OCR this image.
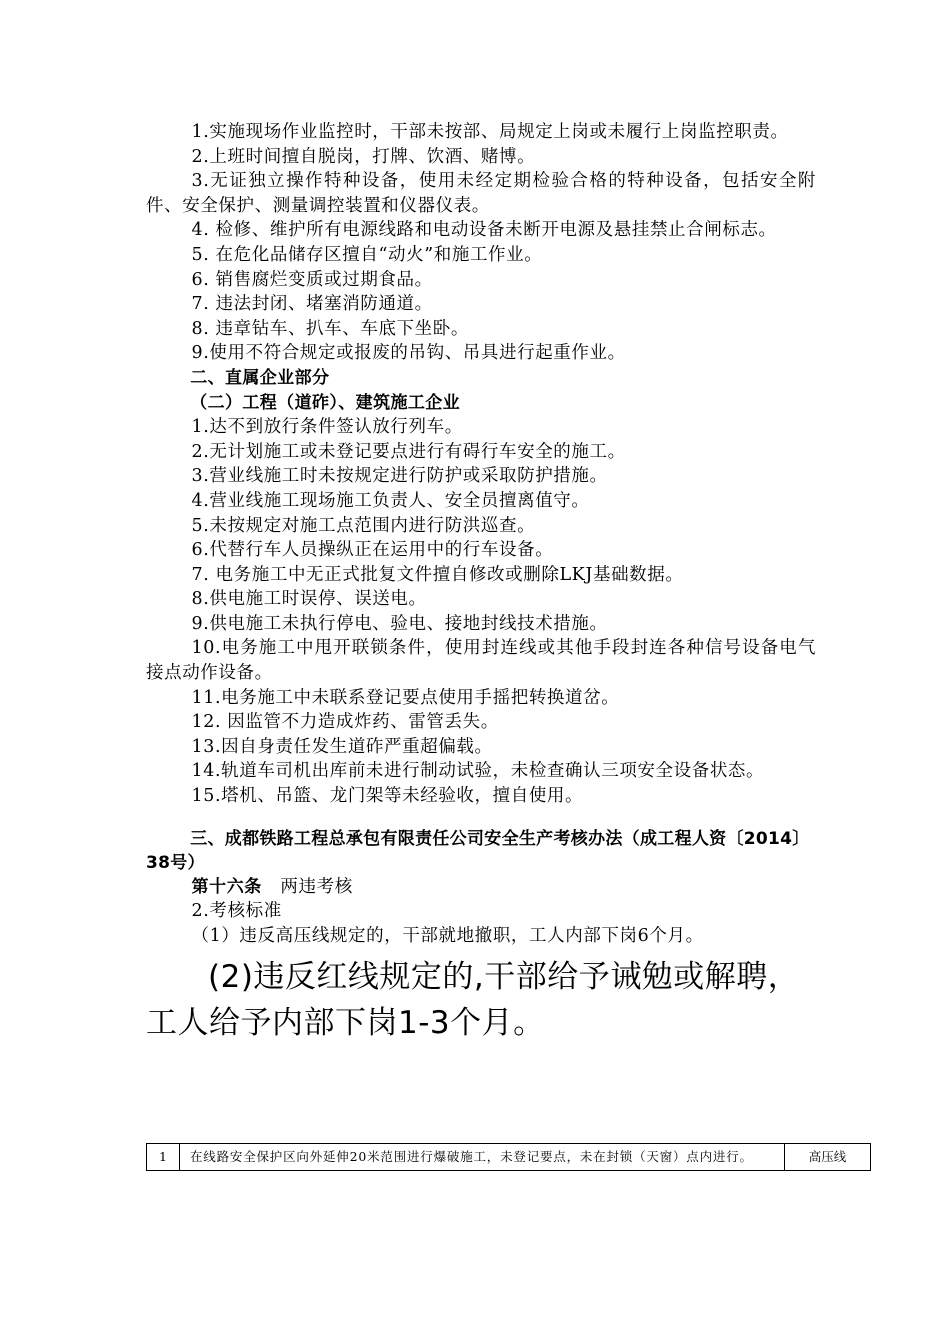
1.实施现场作业监控时，干部未按部、局规定上岗或未履行上岗监控职责。

2.上班时间擅自脱岗，打牌、饮酒、赌博。

3.无证独立操作特种设备，使用未经定期检验合格的特种设备，包括安全附件、安全保护、测量调控装置和仪器仪表。

4. 检修、维护所有电源线路和电动设备未断开电源及悬挂禁止合闸标志。

5. 在危化品储存区擅自“动火”和施工作业。

6. 销售腐烂变质或过期食品。

7. 违法封闭、堵塞消防通道。

8. 违章钻车、扒车、车底下坐卧。

9.使用不符合规定或报废的吊钩、吊具进行起重作业。

二、直属企业部分

（二）工程（道砟）、建筑施工企业

1.达不到放行条件签认放行列车。

2.无计划施工或未登记要点进行有碍行车安全的施工。

3.营业线施工时未按规定进行防护或采取防护措施。

4.营业线施工现场施工负责人、安全员擅离值守。

5.未按规定对施工点范围内进行防洪巡查。

6.代替行车人员操纵正在运用中的行车设备。

7. 电务施工中无正式批复文件擅自修改或删除LKJ基础数据。

8.供电施工时误停、误送电。

9.供电施工未执行停电、验电、接地封线技术措施。

10.电务施工中甩开联锁条件，使用封连线或其他手段封连各种信号设备电气接点动作设备。

11.电务施工中未联系登记要点使用手摇把转换道岔。

12. 因监管不力造成炸药、雷管丢失。

13.因自身责任发生道砟严重超偏载。

14.轨道车司机出库前未进行制动试验，未检查确认三项安全设备状态。

15.塔机、吊篮、龙门架等未经验收，擅自使用。

三、成都铁路工程总承包有限责任公司安全生产考核办法（成工程人资〔2014〕38号）

第十六条 两违考核

2.考核标准

（1）违反高压线规定的，干部就地撤职，工人内部下岗6个月。

(2)违反红线规定的,干部给予诫勉或解聘，工人给予内部下岗1-3个月。

1	在线路安全保护区向外延伸20米范围进行爆破施工，未登记要点，未在封锁（天窗）点内进行。	高压线
